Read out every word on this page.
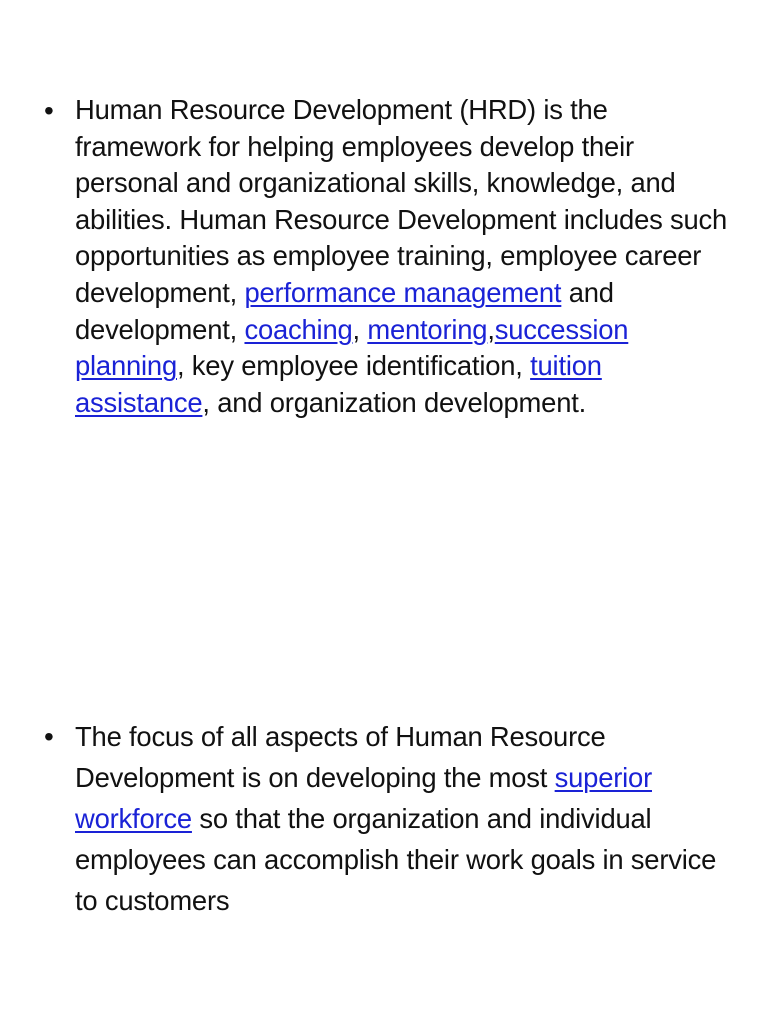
• Human Resource Development (HRD) is the framework for helping employees develop their personal and organizational skills, knowledge, and abilities. Human Resource Development includes such opportunities as employee training, employee career development, performance management and development, coaching, mentoring,succession planning, key employee identification, tuition assistance, and organization development.
• The focus of all aspects of Human Resource Development is on developing the most superior workforce so that the organization and individual employees can accomplish their work goals in service to customers
